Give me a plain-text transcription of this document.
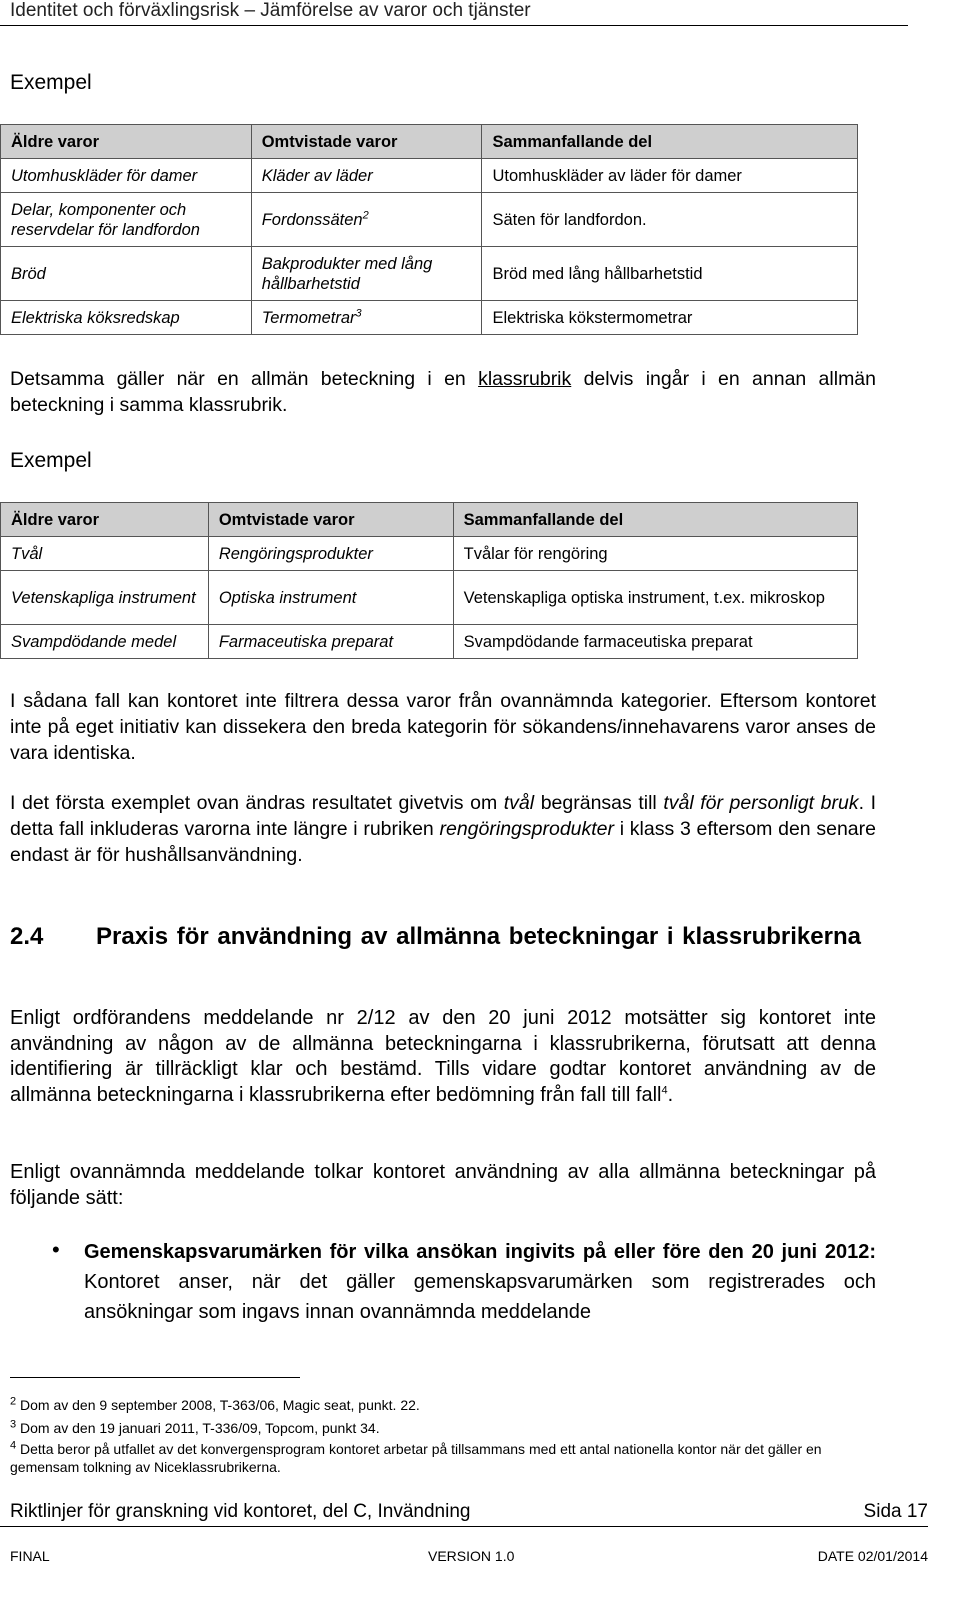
Identitet och förväxlingsrisk – Jämförelse av varor och tjänster
Exempel
Äldre varor	Omtvistade varor	Sammanfallande del
Utomhuskläder för damer	Kläder av läder	Utomhuskläder av läder för damer
Delar, komponenter och reservdelar för landfordon	Fordonssäten$^2$	Säten för landfordon.
Bröd	Bakprodukter med lång hållbarhetstid	Bröd med lång hållbarhetstid
Elektriska köksredskap	Termometrar$^3$	Elektriska kökstermometrar
Detsamma gäller när en allmän beteckning i en klassrubrik delvis ingår i en annan allmän beteckning i samma klassrubrik.
Exempel
Äldre varor	Omtvistade varor	Sammanfallande del
Tvål	Rengöringsprodukter	Tvålar för rengöring
Vetenskapliga instrument	Optiska instrument	Vetenskapliga optiska instrument, t.ex. mikroskop
Svampdödande medel	Farmaceutiska preparat	Svampdödande farmaceutiska preparat
I sådana fall kan kontoret inte filtrera dessa varor från ovannämnda kategorier. Eftersom kontoret inte på eget initiativ kan dissekera den breda kategorin för sökandens/innehavarens varor anses de vara identiska.
I det första exemplet ovan ändras resultatet givetvis om tvål begränsas till tvål för personligt bruk. I detta fall inkluderas varorna inte längre i rubriken rengöringsprodukter i klass 3 eftersom den senare endast är för hushållsanvändning.
2.4 Praxis för användning av allmänna beteckningar i klassrubrikerna
Enligt ordförandens meddelande nr 2/12 av den 20 juni 2012 motsätter sig kontoret inte användning av någon av de allmänna beteckningarna i klassrubrikerna, förutsatt att denna identifiering är tillräckligt klar och bestämd. Tills vidare godtar kontoret användning av de allmänna beteckningarna i klassrubrikerna efter bedömning från fall till fall$^4$.
Enligt ovannämnda meddelande tolkar kontoret användning av alla allmänna beteckningar på följande sätt:
• Gemenskapsvarumärken för vilka ansökan ingivits på eller före den 20 juni 2012: Kontoret anser, när det gäller gemenskapsvarumärken som registrerades och ansökningar som ingavs innan ovannämnda meddelande
$^2$ Dom av den 9 september 2008, T-363/06, Magic seat, punkt. 22.
$^3$ Dom av den 19 januari 2011, T-336/09, Topcom, punkt 34.
$^4$ Detta beror på utfallet av det konvergensprogram kontoret arbetar på tillsammans med ett antal nationella kontor när det gäller en gemensam tolkning av Niceklassrubrikerna.
Riktlinjer för granskning vid kontoret, del C, Invändning	Sida 17
FINAL	VERSION 1.0	DATE 02/01/2014
